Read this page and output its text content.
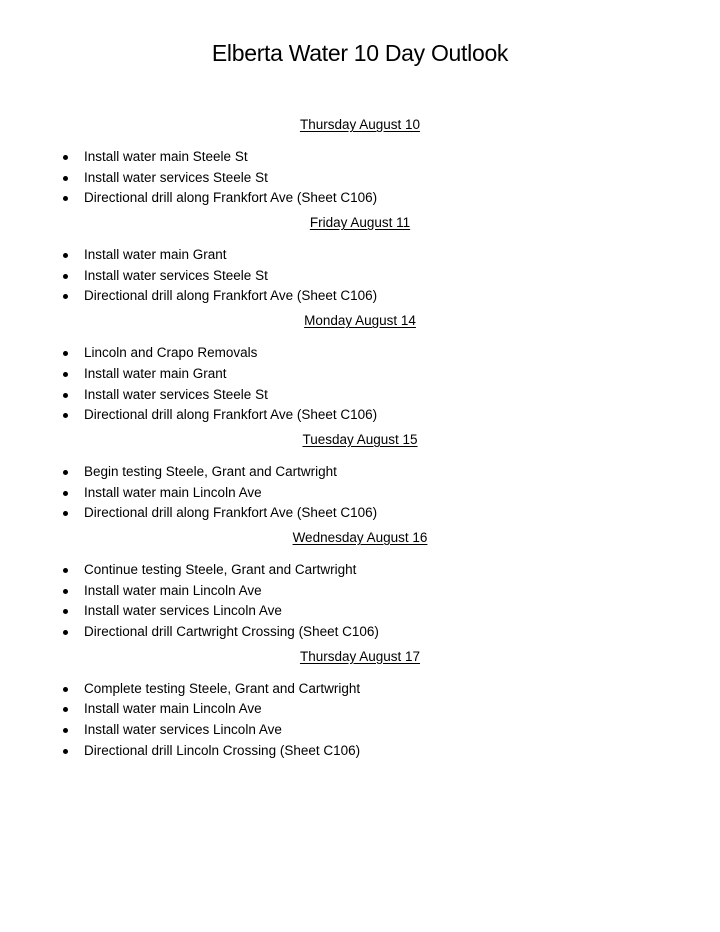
Elberta Water 10 Day Outlook
Thursday August 10
Install water main Steele St
Install water services Steele St
Directional drill along Frankfort Ave (Sheet C106)
Friday August 11
Install water main Grant
Install water services Steele St
Directional drill along Frankfort Ave (Sheet C106)
Monday August 14
Lincoln and Crapo Removals
Install water main Grant
Install water services Steele St
Directional drill along Frankfort Ave (Sheet C106)
Tuesday August 15
Begin testing Steele, Grant and Cartwright
Install water main Lincoln Ave
Directional drill along Frankfort Ave (Sheet C106)
Wednesday August 16
Continue testing Steele, Grant and Cartwright
Install water main Lincoln Ave
Install water services Lincoln Ave
Directional drill Cartwright Crossing (Sheet C106)
Thursday August 17
Complete testing Steele, Grant and Cartwright
Install water main Lincoln Ave
Install water services Lincoln Ave
Directional drill Lincoln Crossing (Sheet C106)
